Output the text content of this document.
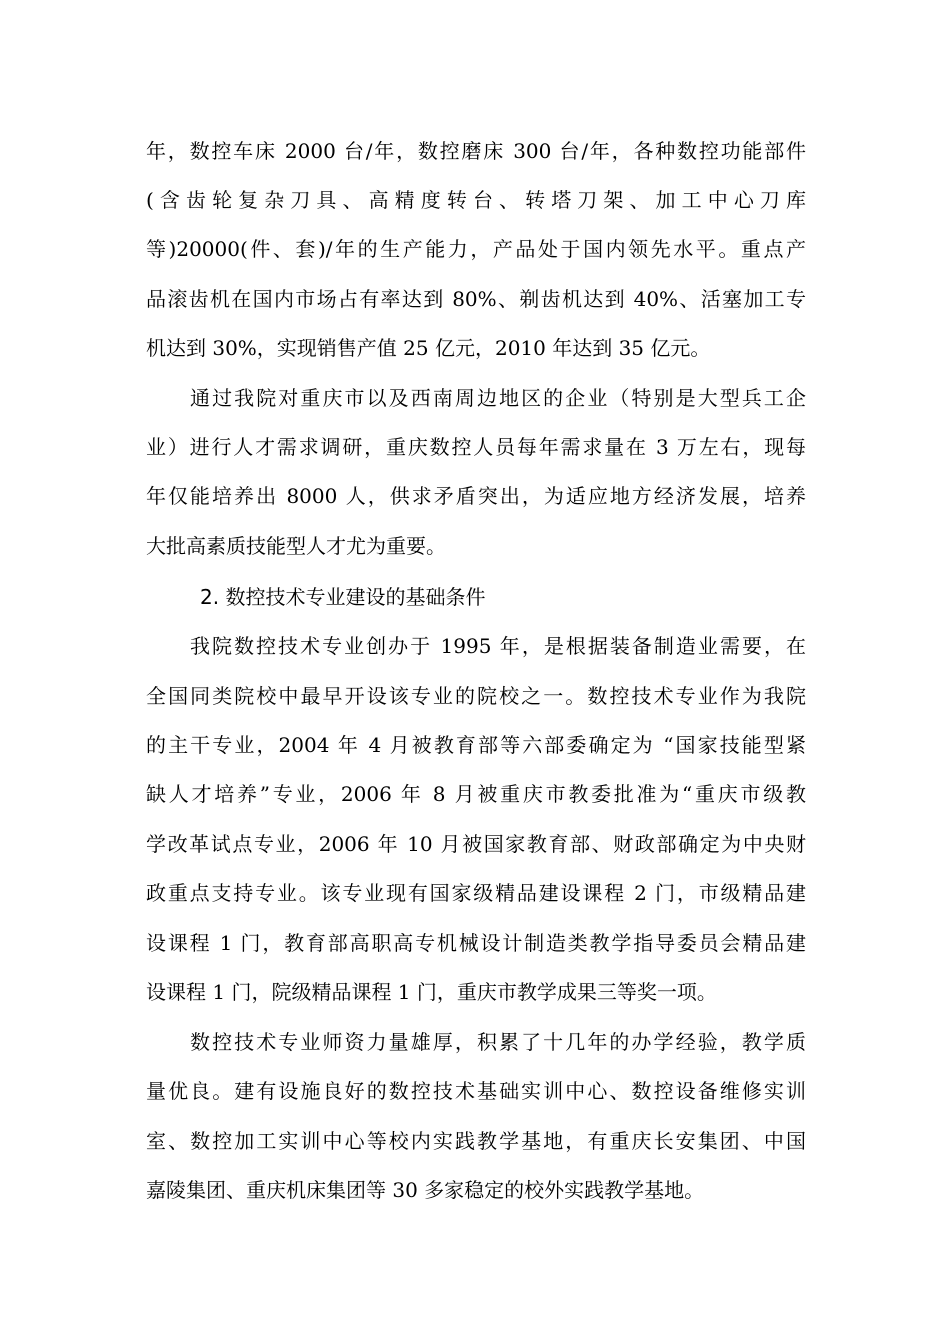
年，数控车床 2000 台/年，数控磨床 300 台/年，各种数控功能部件
(含齿轮复杂刀具、高精度转台、转塔刀架、加工中心刀库
等)20000(件、套)/年的生产能力，产品处于国内领先水平。重点产
品滚齿机在国内市场占有率达到 80%、剃齿机达到 40%、活塞加工专
机达到 30%，实现销售产值 25 亿元，2010 年达到 35 亿元。
通过我院对重庆市以及西南周边地区的企业（特别是大型兵工企
业）进行人才需求调研，重庆数控人员每年需求量在 3 万左右，现每
年仅能培养出 8000 人，供求矛盾突出，为适应地方经济发展，培养
大批高素质技能型人才尤为重要。
2. 数控技术专业建设的基础条件
我院数控技术专业创办于 1995 年，是根据装备制造业需要，在
全国同类院校中最早开设该专业的院校之一。数控技术专业作为我院
的主干专业，2004 年 4 月被教育部等六部委确定为 “国家技能型紧
缺人才培养”专业，2006 年 8 月被重庆市教委批准为“重庆市级教
学改革试点专业，2006 年 10 月被国家教育部、财政部确定为中央财
政重点支持专业。该专业现有国家级精品建设课程 2 门，市级精品建
设课程 1 门，教育部高职高专机械设计制造类教学指导委员会精品建
设课程 1 门，院级精品课程 1 门，重庆市教学成果三等奖一项。
数控技术专业师资力量雄厚，积累了十几年的办学经验，教学质
量优良。建有设施良好的数控技术基础实训中心、数控设备维修实训
室、数控加工实训中心等校内实践教学基地，有重庆长安集团、中国
嘉陵集团、重庆机床集团等 30 多家稳定的校外实践教学基地。
